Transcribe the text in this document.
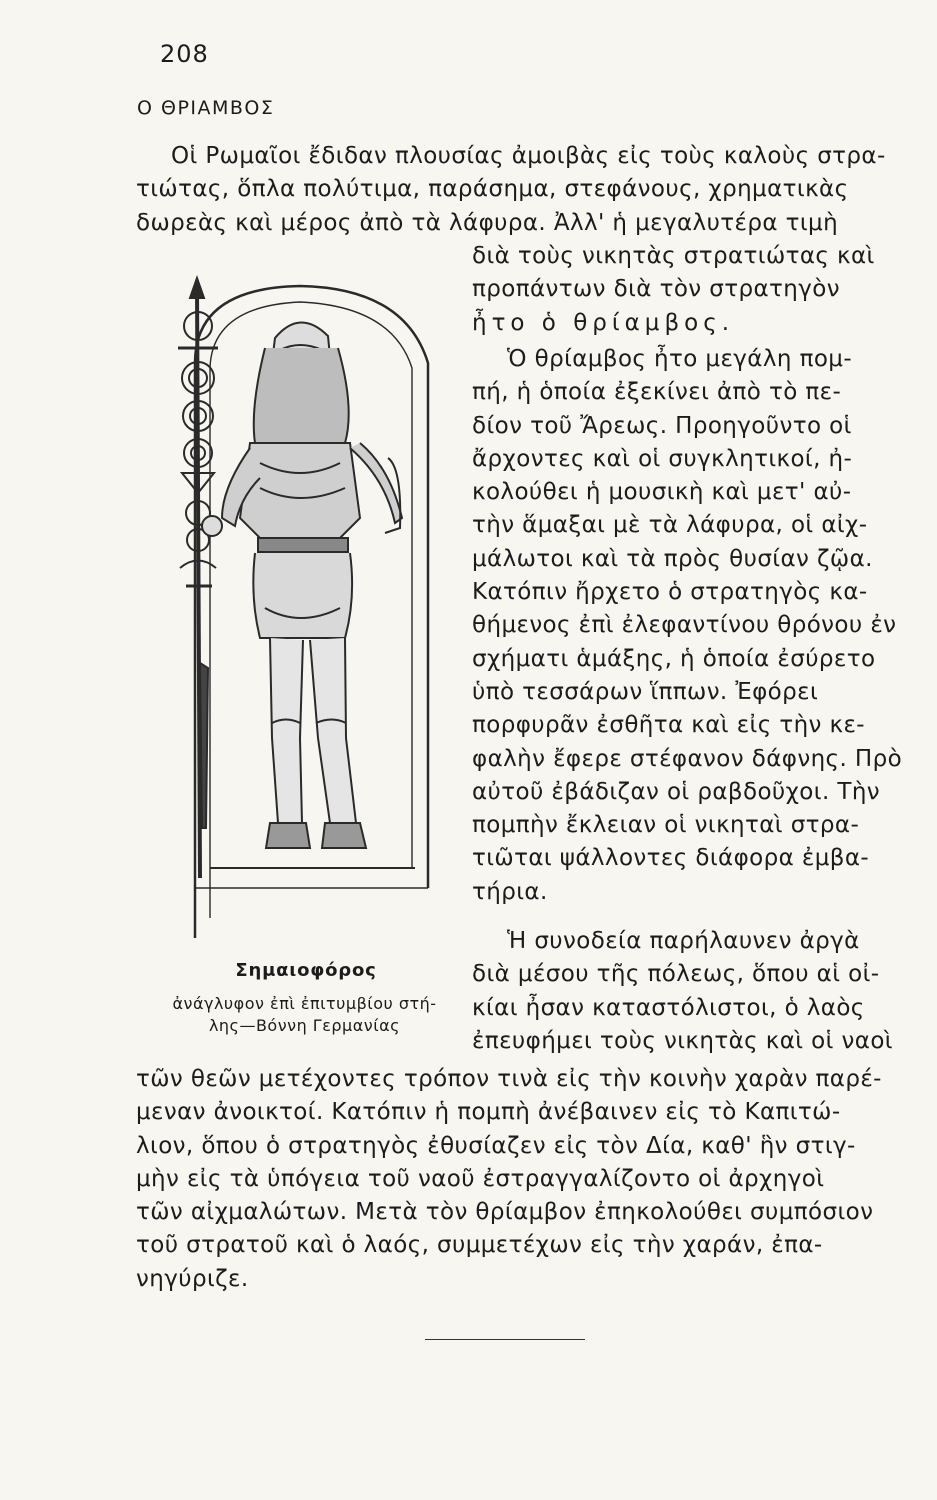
208
Ο ΘΡΙΑΜΒΟΣ
Οἱ Ρωμαῖοι ἔδιδαν πλουσίας ἀμοιβὰς εἰς τοὺς καλοὺς στρα-
τιώτας, ὅπλα πολύτιμα, παράσημα, στεφάνους, χρηματικὰς
δωρεὰς καὶ μέρος ἀπὸ τὰ λάφυρα. Ἀλλ' ἡ μεγαλυτέρα τιμὴ
διὰ τοὺς νικητὰς στρατιώτας καὶ
προπάντων διὰ τὸν στρατηγὸν
ἦτο ὁ θρίαμβος.
Ὁ θρίαμβος ἦτο μεγάλη πομ-
πή, ἡ ὁποία ἐξεκίνει ἀπὸ τὸ πε-
δίον τοῦ Ἄρεως. Προηγοῦντο οἱ
ἄρχοντες καὶ οἱ συγκλητικοί, ἠ-
κολούθει ἡ μουσικὴ καὶ μετ' αὐ-
τὴν ἅμαξαι μὲ τὰ λάφυρα, οἱ αἰχ-
μάλωτοι καὶ τὰ πρὸς θυσίαν ζῷα.
Κατόπιν ἤρχετο ὁ στρατηγὸς κα-
θήμενος ἐπὶ ἐλεφαντίνου θρόνου ἐν
σχήματι ἁμάξης, ἡ ὁποία ἐσύρετο
ὑπὸ τεσσάρων ἵππων. Ἐφόρει
πορφυρᾶν ἐσθῆτα καὶ εἰς τὴν κε-
φαλὴν ἔφερε στέφανον δάφνης. Πρὸ
αὐτοῦ ἐβάδιζαν οἱ ραβδοῦχοι. Τὴν
πομπὴν ἔκλειαν οἱ νικηταὶ στρα-
τιῶται ψάλλοντες διάφορα ἐμβα-
τήρια.
Ἡ συνοδεία παρήλαυνεν ἀργὰ
διὰ μέσου τῆς πόλεως, ὅπου αἱ οἰ-
κίαι ἦσαν καταστόλιστοι, ὁ λαὸς
ἐπευφήμει τοὺς νικητὰς καὶ οἱ ναοὶ
τῶν θεῶν μετέχοντες τρόπον τινὰ εἰς τὴν κοινὴν χαρὰν παρέ-
μεναν ἀνοικτοί. Κατόπιν ἡ πομπὴ ἀνέβαινεν εἰς τὸ Καπιτώ-
λιον, ὅπου ὁ στρατηγὸς ἐθυσίαζεν εἰς τὸν Δία, καθ' ἣν στιγ-
μὴν εἰς τὰ ὑπόγεια τοῦ ναοῦ ἐστραγγαλίζοντο οἱ ἀρχηγοὶ
τῶν αἰχμαλώτων. Μετὰ τὸν θρίαμβον ἐπηκολούθει συμπόσιον
τοῦ στρατοῦ καὶ ὁ λαός, συμμετέχων εἰς τὴν χαράν, ἐπα-
νηγύριζε.
Σημαιοφόρος
ἀνάγλυφον ἐπὶ ἐπιτυμβίου στή-
λης—Βόννη Γερμανίας
